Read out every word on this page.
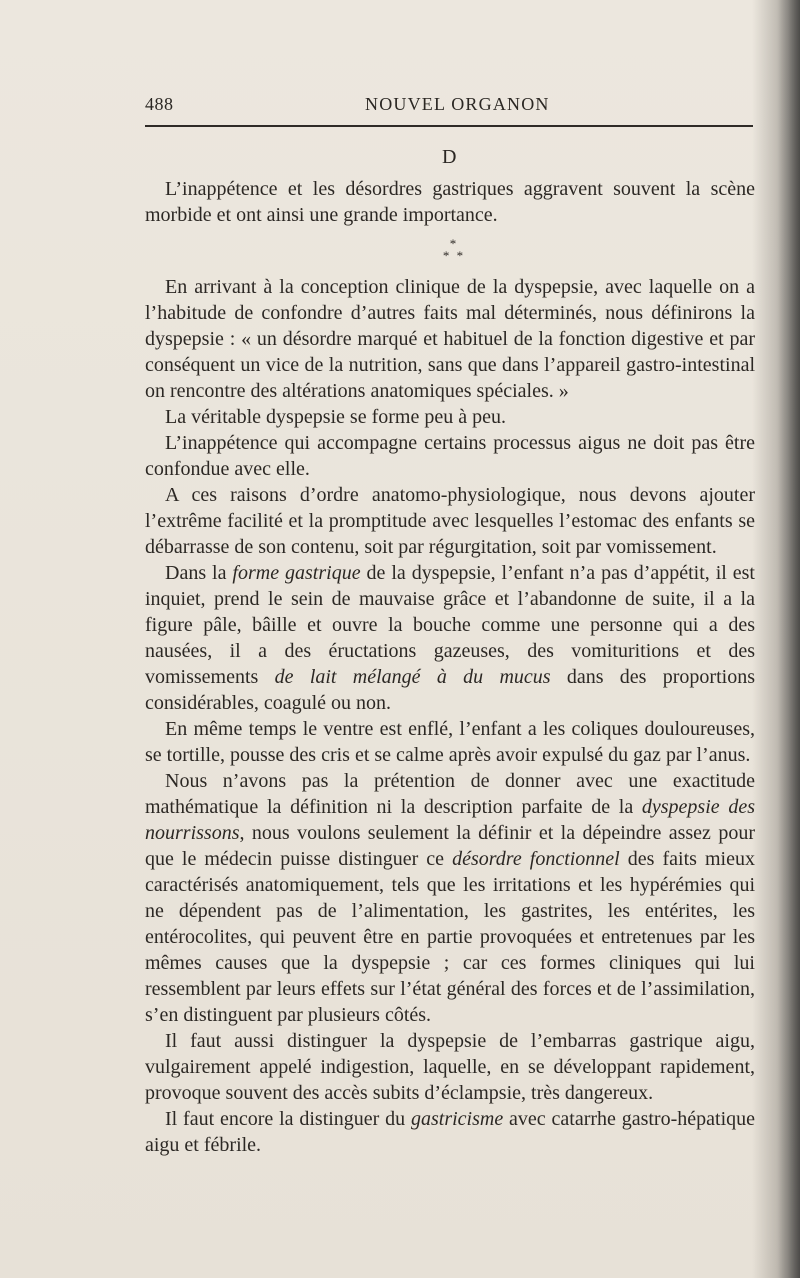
488	NOUVEL ORGANON
D

L’inappétence et les désordres gastriques aggravent souvent la scène morbide et ont ainsi une grande importance.

*
* *

En arrivant à la conception clinique de la dyspepsie, avec laquelle on a l’habitude de confondre d’autres faits mal déterminés, nous définirons la dyspepsie : « un désordre marqué et habituel de la fonction digestive et par conséquent un vice de la nutrition, sans que dans l’appareil gastro-intestinal on rencontre des altérations anatomiques spéciales. »

La véritable dyspepsie se forme peu à peu.

L’inappétence qui accompagne certains processus aigus ne doit pas être confondue avec elle.

A ces raisons d’ordre anatomo-physiologique, nous devons ajouter l’extrême facilité et la promptitude avec lesquelles l’estomac des enfants se débarrasse de son contenu, soit par régurgitation, soit par vomissement.

Dans la forme gastrique de la dyspepsie, l’enfant n’a pas d’appétit, il est inquiet, prend le sein de mauvaise grâce et l’abandonne de suite, il a la figure pâle, bâille et ouvre la bouche comme une personne qui a des nausées, il a des éructations gazeuses, des vomituritions et des vomissements de lait mélangé à du mucus dans des proportions considérables, coagulé ou non.

En même temps le ventre est enflé, l’enfant a les coliques douloureuses, se tortille, pousse des cris et se calme après avoir expulsé du gaz par l’anus.

Nous n’avons pas la prétention de donner avec une exactitude mathématique la définition ni la description parfaite de la dyspepsie des nourrissons, nous voulons seulement la définir et la dépeindre assez pour que le médecin puisse distinguer ce désordre fonctionnel des faits mieux caractérisés anatomiquement, tels que les irritations et les hypérémies qui ne dépendent pas de l’alimentation, les gastrites, les entérites, les entérocolites, qui peuvent être en partie provoquées et entretenues par les mêmes causes que la dyspepsie ; car ces formes cliniques qui lui ressemblent par leurs effets sur l’état général des forces et de l’assimilation, s’en distinguent par plusieurs côtés.

Il faut aussi distinguer la dyspepsie de l’embarras gastrique aigu, vulgairement appelé indigestion, laquelle, en se développant rapidement, provoque souvent des accès subits d’éclampsie, très dangereux.

Il faut encore la distinguer du gastricisme avec catarrhe gastro-hépatique aigu et fébrile.
